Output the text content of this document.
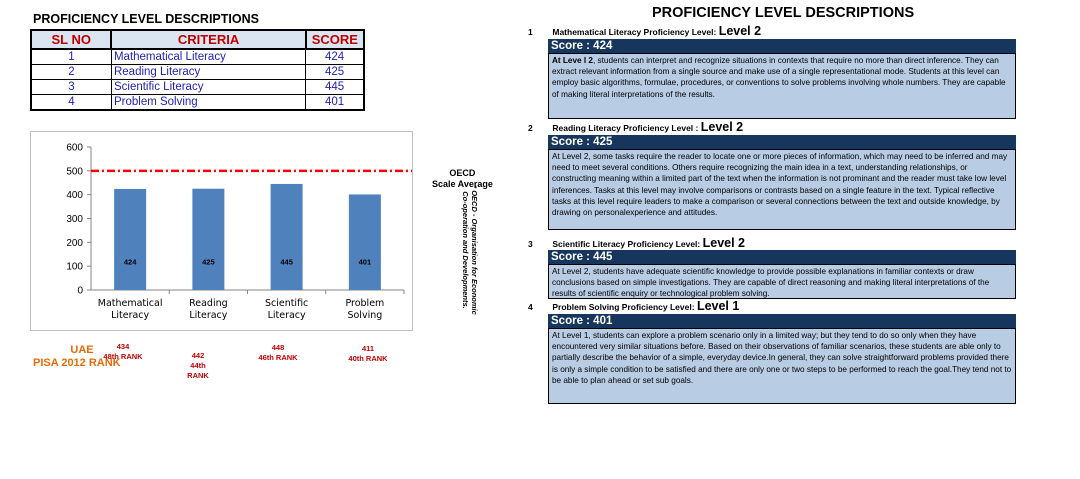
PROFICIENCY LEVEL DESCRIPTIONS
SL NO	CRITERIA	SCORE
1	Mathematical Literacy	424
2	Reading Literacy	425
3	Scientific Literacy	445
4	Problem Solving	401
0
100
200
300
400
500
600
424
Mathematical
Literacy
425
Reading
Literacy
445
Scientific
Literacy
401
Problem
Solving
OECD
Scale Average
* OECD - Organisation for Economic Co-operation and Developments.
UAE
PISA 2012 RANK
434
48th RANK	442
44th RANK
448
46th RANK
411
40th RANK
PROFICIENCY LEVEL DESCRIPTIONS
1 Mathematical Literacy Proficiency Level: Level 2
Score : 424
At Leve l 2, students can interpret and recognize situations in contexts that require no more than direct inference. They can extract relevant information from a single source and make use of a single representational mode. Students at this level can employ basic algorithms, formulae, procedures, or conventions to solve problems involving whole numbers. They are capable of making literal interpretations of the results.
2 Reading Literacy Proficiency Level : Level 2
Score : 425
At Level 2, some tasks require the reader to locate one or more pieces of information, which may need to be inferred and may need to meet several conditions. Others require recognizing the main idea in a text, understanding relationships, or constructing meaning within a limited part of the text when the information is not prominant and the reader must take low level inferences. Tasks at this level may involve comparisons or contrasts based on a single feature in the text. Typical reflective tasks at this level require leaders to make a comparison or several connections between the text and outside knowledge, by drawing on personalexperience and attitudes.
3 Scientific Literacy Proficiency Level: Level 2
Score : 445
At Level 2, students have adequate scientific knowledge to provide possible explanations in familiar contexts or draw conclusions based on simple investigations. They are capable of direct reasoning and making literal interpretations of the results of scientific enquiry or technological problem solving.
4 Problem Solving Proficiency Level: Level 1
Score : 401
At Level 1, students can explore a problem scenario only in a limited way; but they tend to do so only when they have encountered very similar situations before. Based on their observations of familiar scenarios, these students are able only to partially describe the behavior of a simple, everyday device.In general, they can solve straightforward problems provided there is only a simple condition to be satisfied and there are only one or two steps to be performed to reach the goal.They tend not to be able to plan ahead or set sub goals.
